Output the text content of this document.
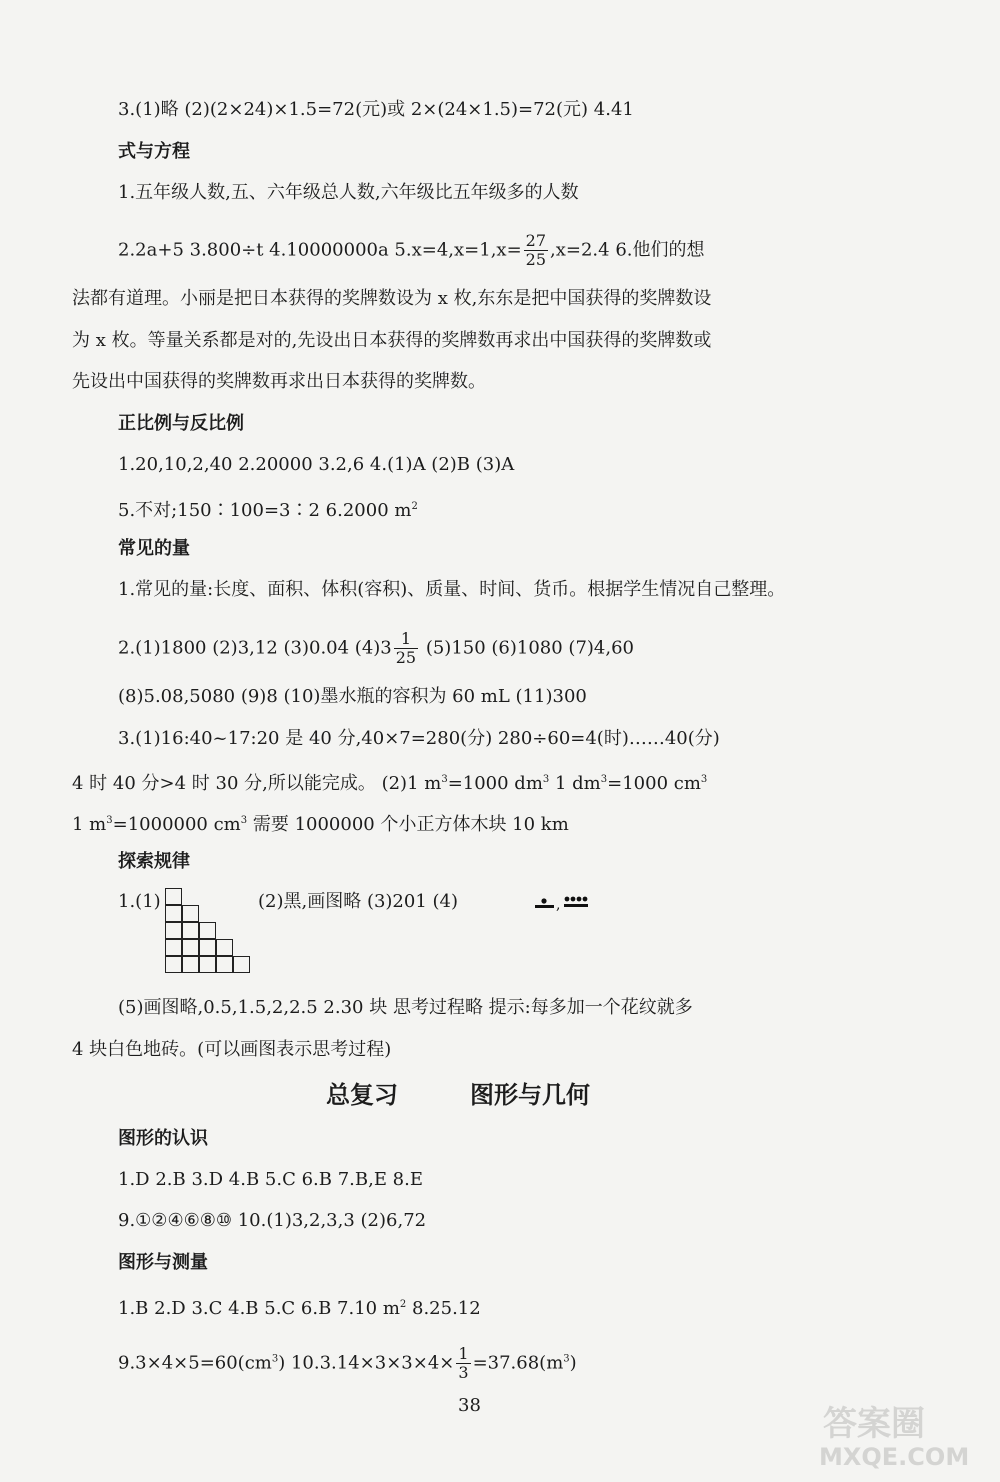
3.(1)略 (2)(2×24)×1.5=72(元)或 2×(24×1.5)=72(元) 4.41
式与方程
1.五年级人数,五、六年级总人数,六年级比五年级多的人数
2.2a+5 3.800÷t 4.10000000a $5.x=4,x=1,x= \frac{27}{25} ,x=2.4$ 6.他们的想
法都有道理。小丽是把日本获得的奖牌数设为 x 枚,东东是把中国获得的奖牌数设
为 x 枚。等量关系都是对的,先设出日本获得的奖牌数再求出中国获得的奖牌数或
先设出中国获得的奖牌数再求出日本获得的奖牌数。
正比例与反比例
1.20,10,2,40 2.20000 3.2,6 4.(1)A (2)B (3)A
5.不对;150∶100=3∶2 6.2000 $m^2$
常见的量
1.常见的量:长度、面积、体积(容积)、质量、时间、货币。根据学生情况自己整理。
2.(1)1800 (2)3,12 (3)0.04 $(4)3 \frac{1}{25} (5)150$ (6)1080 (7)4,60
(8)5.08,5080 (9)8 (10)墨水瓶的容积为 60 mL (11)300
3.(1)16:40~17:20 是 40 分,40×7=280(分) 280÷60=4(时)……40(分)
4 时 40 分>4 时 30 分,所以能完成。 (2)1 $m^3=1000$ $dm^3$ 1 $dm^3=1000$ $cm^3$
1 $m^3=1000000$ $cm^3$ 需要 1000000 个小正方体木块 10 km
探索规律
1.(1)	(2)黑,画图略 (3)201 (4)	,
(5)画图略,0.5,1.5,2,2.5 2.30 块 思考过程略 提示:每多加一个花纹就多
4 块白色地砖。(可以画图表示思考过程)
总复习	图形与几何
图形的认识
1.D 2.B 3.D 4.B 5.C 6.B 7.B,E 8.E
9.①②④⑥⑧⑩ 10.(1)3,2,3,3 (2)6,72
图形与测量
1.B 2.D 3.C 4.B 5.C 6.B 7.10 $m^2$ 8.25.12
$9.3\times 4\times 5=60(cm^3)$ $10.3.14\times 3\times 3\times 4\times \frac{1}{3} =37.68(m^3)$
38	答案圈
MXQE.COM
